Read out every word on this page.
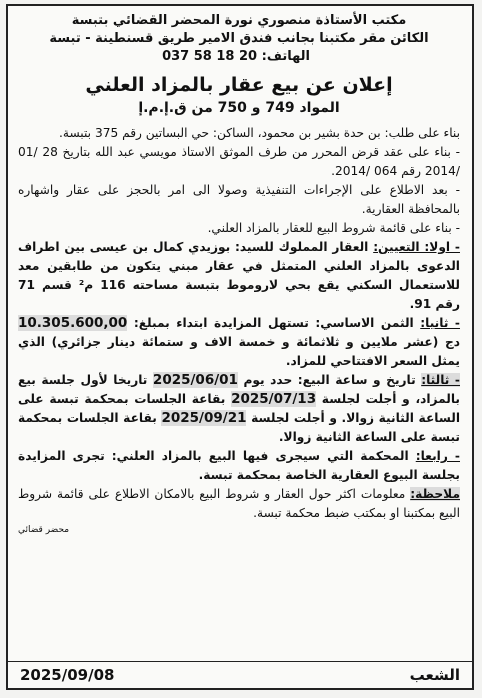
مكتب الأستاذة منصوري نورة المحضر القضائي بتبسة
الكائن مقر مكتبنا بجانب فندق الامير طريق قسنطينة - تبسة
الهاتف: 20 18 58 037
إعلان عن بيع عقار بالمزاد العلني
المواد 749 و 750 من ق.إ.م.إ

بناء على طلب: بن حدة بشير بن محمود، الساكن: حي البساتين رقم 375 بتبسة.

- بناء على عقد قرض المحرر من طرف الموثق الاستاذ مويسي عبد الله بتاريخ 28 /01 /2014 رقم 064 /2014.

- بعد الاطلاع على الإجراءات التنفيذية وصولا الى امر بالحجز على عقار واشهاره بالمحافظة العقارية.

- بناء على قائمة شروط البيع للعقار بالمزاد العلني.

- اولا: التعيين: العقار المملوك للسيد: بوزيدي كمال بن عيسى بين اطراف الدعوى بالمزاد العلني المتمثل في عقار مبني يتكون من طابقين معد للاستعمال السكني يقع بحي لاروموط بتبسة مساحته 116 م² قسم 71 رقم 91.

- ثانيا: الثمن الاساسي: تستهل المزايدة ابتداء بمبلغ: 10.305.600,00 دج (عشر ملايين و ثلاثمائة و خمسة الاف و ستمائة دينار جزائري) الذي يمثل السعر الافتتاحي للمزاد.

- ثالثا: تاريخ و ساعة البيع: حدد يوم 2025/06/01 تاريخا لأول جلسة بيع بالمزاد، و أجلت لجلسة 2025/07/13 بقاعة الجلسات بمحكمة تبسة على الساعة الثانية زوالا. و أجلت لجلسة 2025/09/21 بقاعة الجلسات بمحكمة تبسة على الساعة الثانية زوالا.

- رابعا: المحكمة التي سيجرى فيها البيع بالمزاد العلني: تجرى المزايدة بجلسة البيوع العقارية الخاصة بمحكمة تبسة.

ملاحظة: معلومات اكثر حول العقار و شروط البيع بالامكان الاطلاع على قائمة شروط البيع بمكتبنا او بمكتب ضبط محكمة تبسة.

محضر قضائي
الشعب
2025/09/08
